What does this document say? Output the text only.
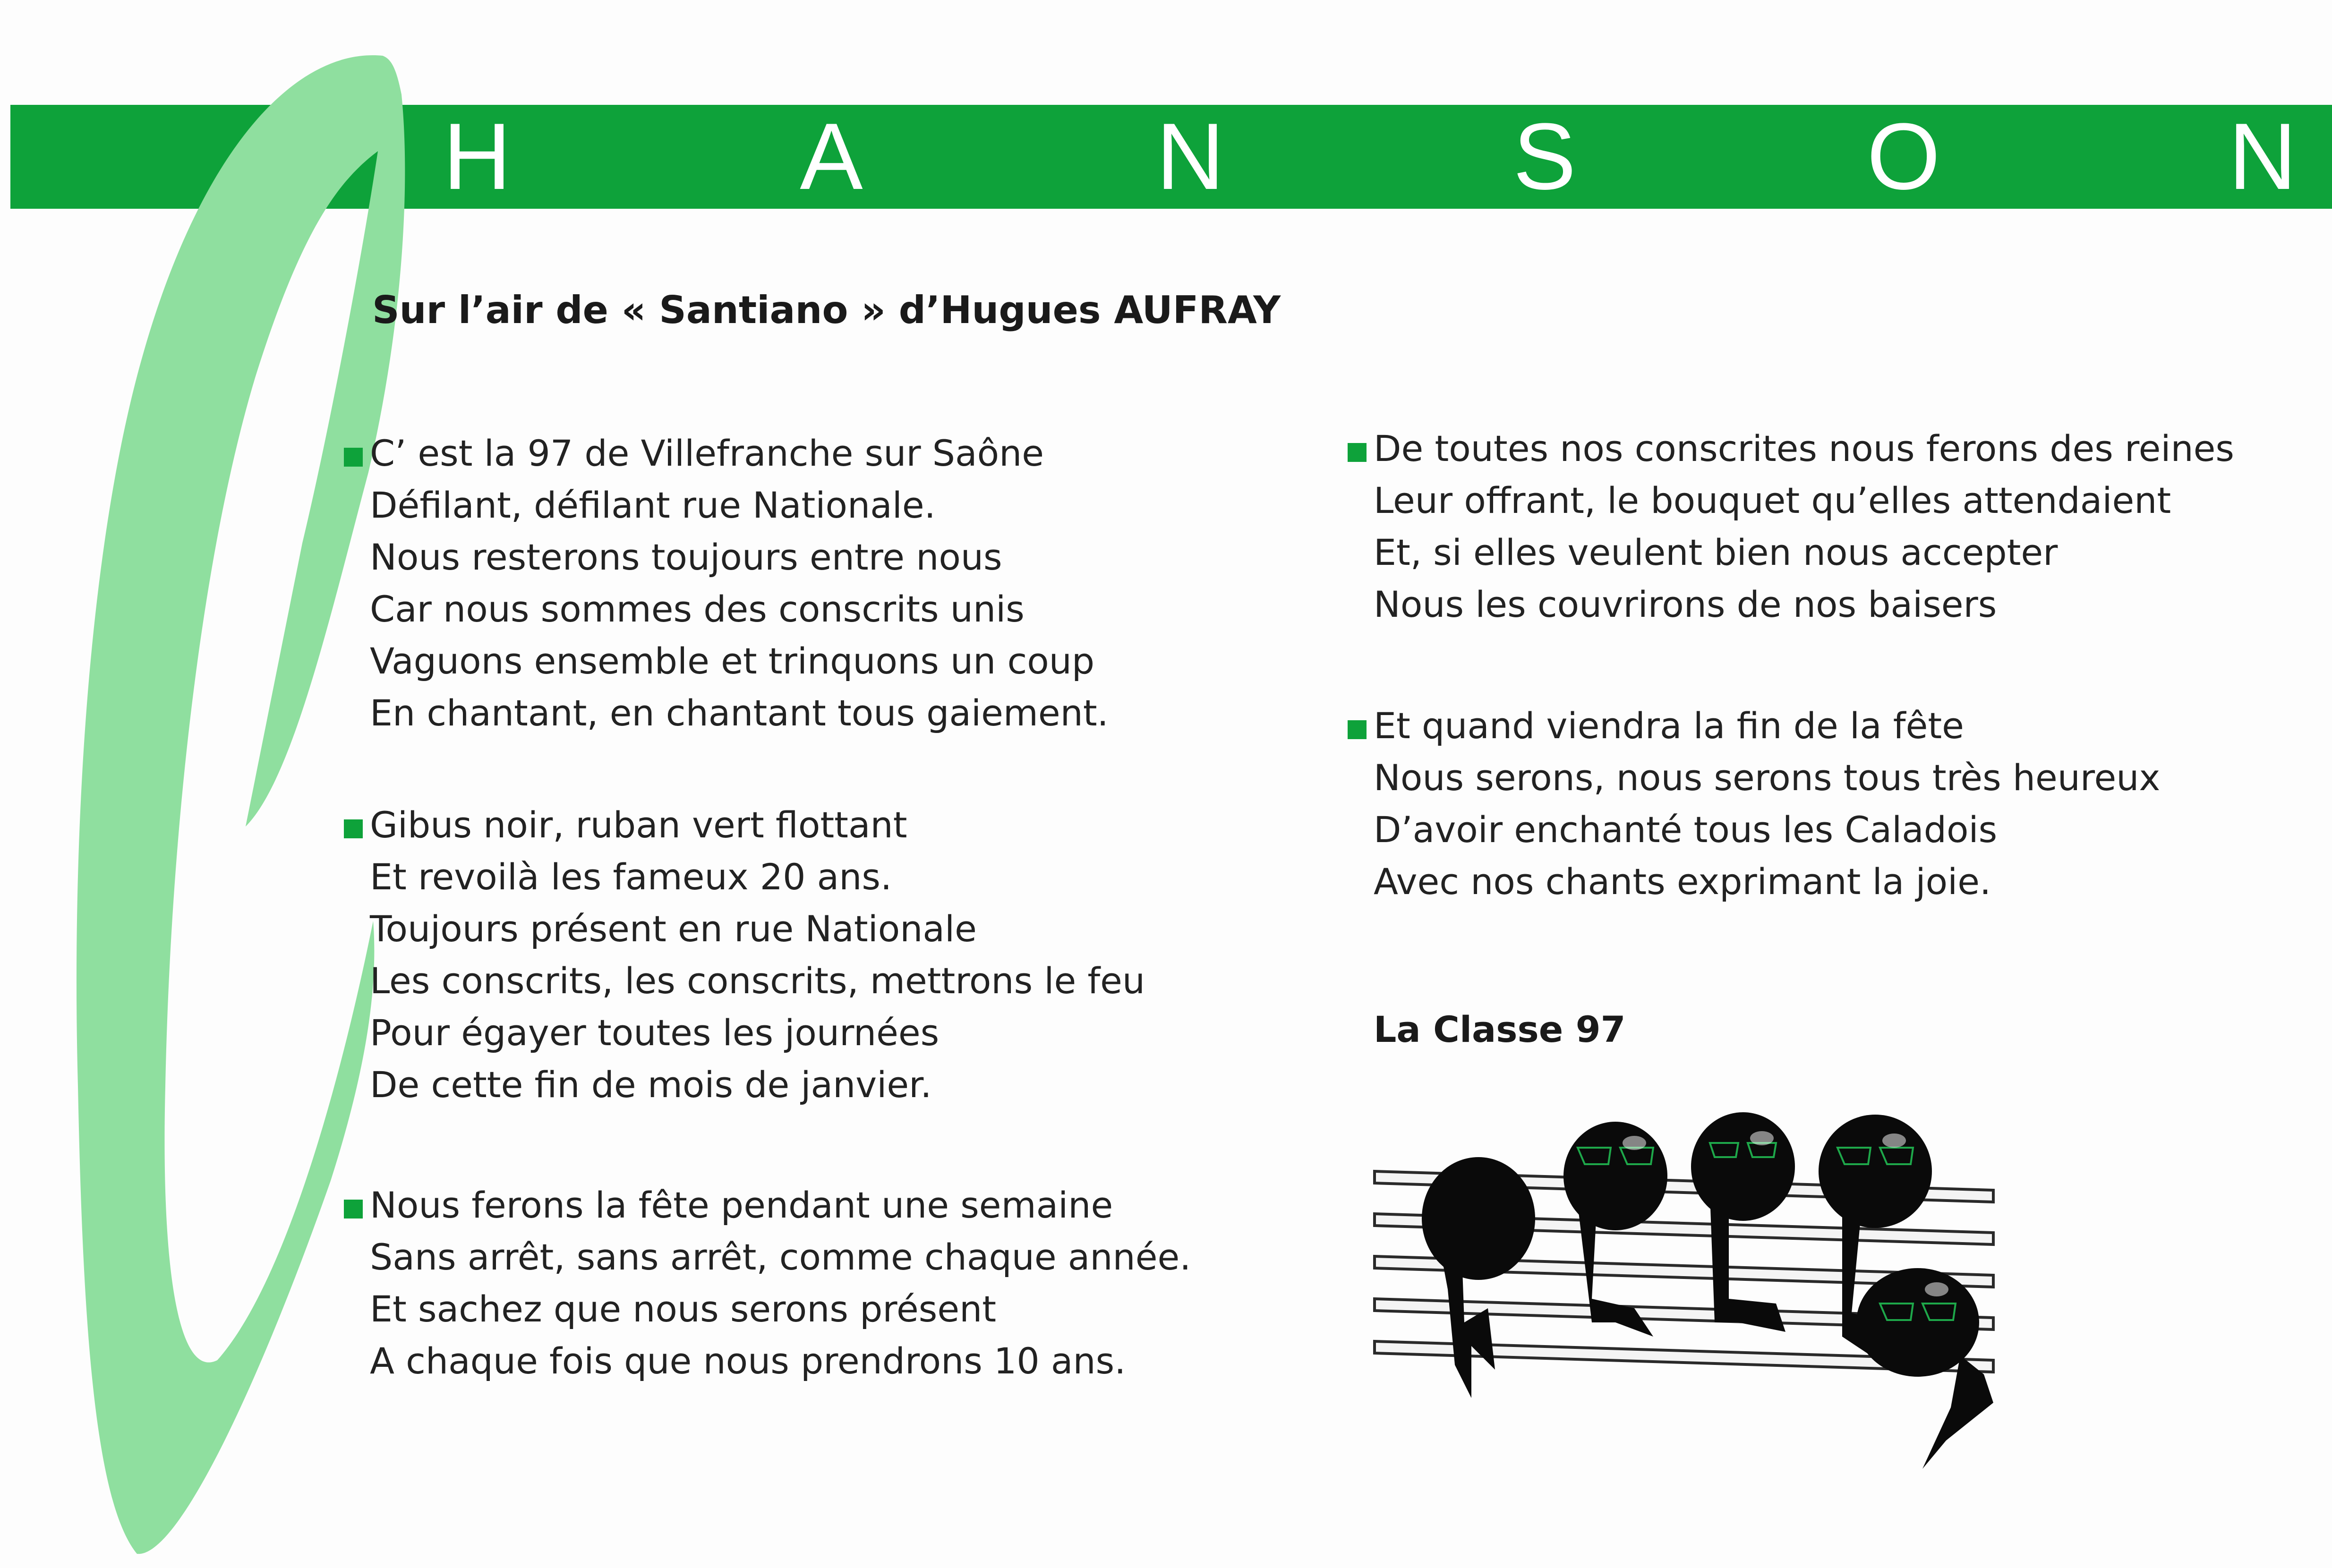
H	A	N	S	O	N
Sur l’air de « Santiano » d’Hugues AUFRAY
C’ est la 97 de Villefranche sur Saône
Défilant, défilant rue Nationale.
Nous resterons toujours entre nous
Car nous sommes des conscrits unis
Vaguons ensemble et trinquons un coup
En chantant, en chantant tous gaiement.
Gibus noir, ruban vert flottant
Et revoilà les fameux 20 ans.
Toujours présent en rue Nationale
Les conscrits, les conscrits, mettrons le feu
Pour égayer toutes les journées
De cette fin de mois de janvier.
Nous ferons la fête pendant une semaine
Sans arrêt, sans arrêt, comme chaque année.
Et sachez que nous serons présent
A chaque fois que nous prendrons 10 ans.
De toutes nos conscrites nous ferons des reines
Leur offrant, le bouquet qu’elles attendaient
Et, si elles veulent bien nous accepter
Nous les couvrirons de nos baisers
Et quand viendra la fin de la fête
Nous serons, nous serons tous très heureux
D’avoir enchanté tous les Caladois
Avec nos chants exprimant la joie.
La Classe 97
